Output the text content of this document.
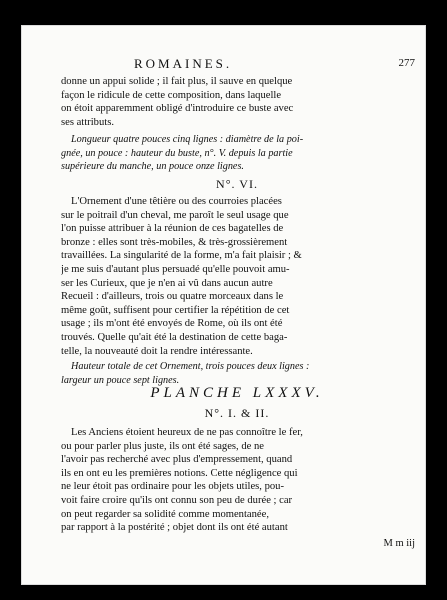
ROMAINES.	277
donne un appui solide ; il fait plus, il sauve en quelque
façon le ridicule de cette composition, dans laquelle
on étoit apparemment obligé d'introduire ce buste avec
ses attributs.
Longueur quatre pouces cinq lignes : diamètre de la poi-
gnée, un pouce : hauteur du buste, n°. V. depuis la partie
supérieure du manche, un pouce onze lignes.
N°. VI.
L'Ornement d'une têtière ou des courroies placées
sur le poitrail d'un cheval, me paroît le seul usage que
l'on puisse attribuer à la réunion de ces bagatelles de
bronze : elles sont très-mobiles, & très-grossièrement
travaillées. La singularité de la forme, m'a fait plaisir ; &
je me suis d'autant plus persuadé qu'elle pouvoit amu-
ser les Curieux, que je n'en ai vû dans aucun autre
Recueil : d'ailleurs, trois ou quatre morceaux dans le
même goût, suffisent pour certifier la répétition de cet
usage ; ils m'ont été envoyés de Rome, où ils ont été
trouvés. Quelle qu'ait été la destination de cette baga-
telle, la nouveauté doit la rendre intéressante.
Hauteur totale de cet Ornement, trois pouces deux lignes :
largeur un pouce sept lignes.
PLANCHE LXXXV.
N°. I. & II.
Les Anciens étoient heureux de ne pas connoître le fer,
ou pour parler plus juste, ils ont été sages, de ne
l'avoir pas recherché avec plus d'empressement, quand
ils en ont eu les premières notions. Cette négligence qui
ne leur étoit pas ordinaire pour les objets utiles, pou-
voit faire croire qu'ils ont connu son peu de durée ; car
on peut regarder sa solidité comme momentanée,
par rapport à la postérité ; objet dont ils ont été autant
M m iij
